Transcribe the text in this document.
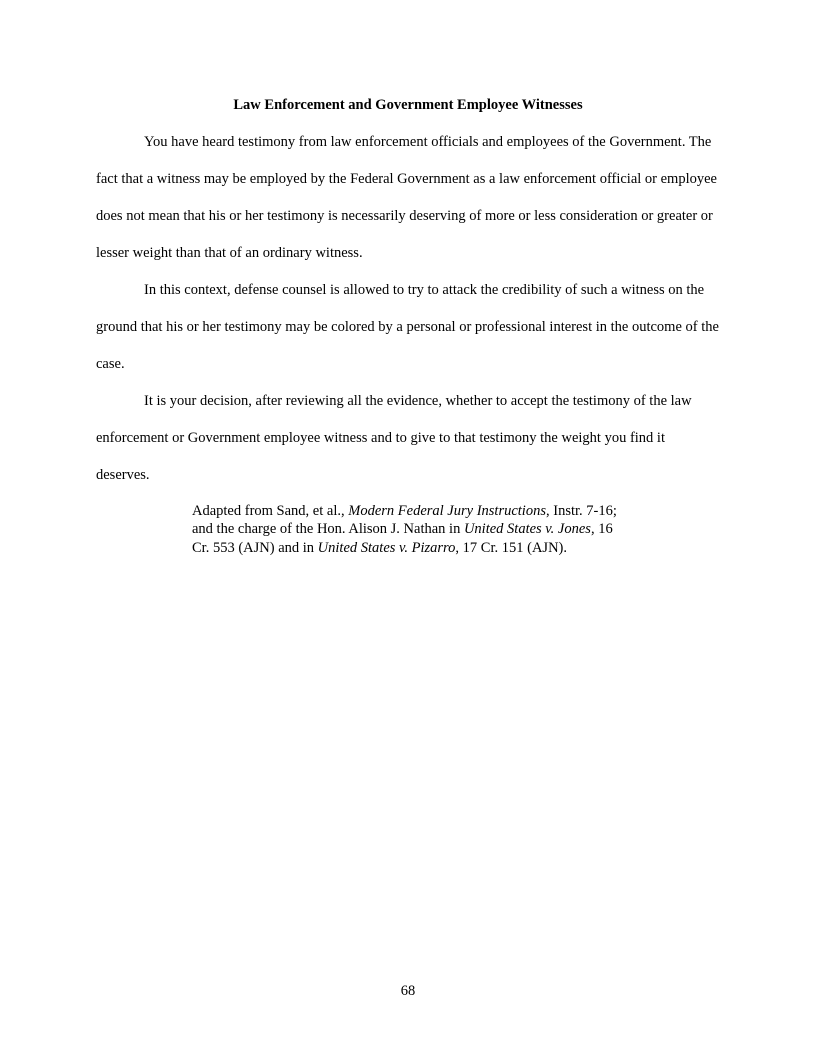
Law Enforcement and Government Employee Witnesses

You have heard testimony from law enforcement officials and employees of the Government. The fact that a witness may be employed by the Federal Government as a law enforcement official or employee does not mean that his or her testimony is necessarily deserving of more or less consideration or greater or lesser weight than that of an ordinary witness.

In this context, defense counsel is allowed to try to attack the credibility of such a witness on the ground that his or her testimony may be colored by a personal or professional interest in the outcome of the case.

It is your decision, after reviewing all the evidence, whether to accept the testimony of the law enforcement or Government employee witness and to give to that testimony the weight you find it deserves.

Adapted from Sand, et al., Modern Federal Jury Instructions, Instr. 7-16; and the charge of the Hon. Alison J. Nathan in United States v. Jones, 16 Cr. 553 (AJN) and in United States v. Pizarro, 17 Cr. 151 (AJN).
68
